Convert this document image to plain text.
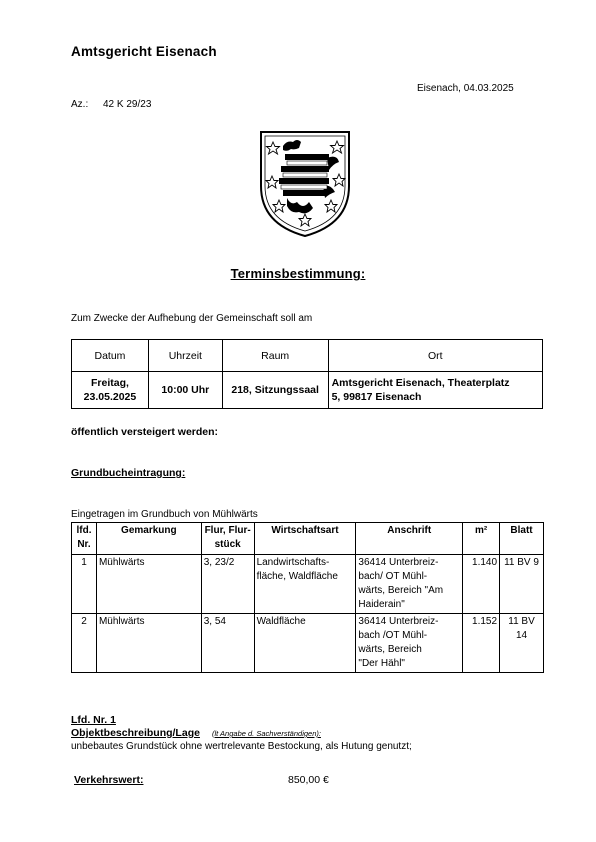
Amtsgericht Eisenach
Eisenach, 04.03.2025
Az.: 42 K 29/23
Terminsbestimmung:
Zum Zwecke der Aufhebung der Gemeinschaft soll am
Datum	Uhrzeit	Raum	Ort
Freitag,
23.05.2025	10:00 Uhr	218, Sitzungssaal	Amtsgericht Eisenach, Theaterplatz
5, 99817 Eisenach
öffentlich versteigert werden:
Grundbucheintragung:
Eingetragen im Grundbuch von Mühlwärts
lfd.
Nr.	Gemarkung	Flur, Flur-
stück	Wirtschaftsart	Anschrift	m²	Blatt
1	Mühlwärts	3, 23/2	Landwirtschafts-
fläche, Waldfläche	36414 Unterbreiz-
bach/ OT Mühl-
wärts, Bereich "Am
Haiderain"	1.140	11 BV 9
2	Mühlwärts	3, 54	Waldfläche	36414 Unterbreiz-
bach /OT Mühl-
wärts, Bereich
"Der Hähl"	1.152	11 BV
14
Lfd. Nr. 1
Objektbeschreibung/Lage (lt Angabe d. Sachverständigen):
unbebautes Grundstück ohne wertrelevante Bestockung, als Hutung genutzt;
Verkehrswert:	850,00 €
